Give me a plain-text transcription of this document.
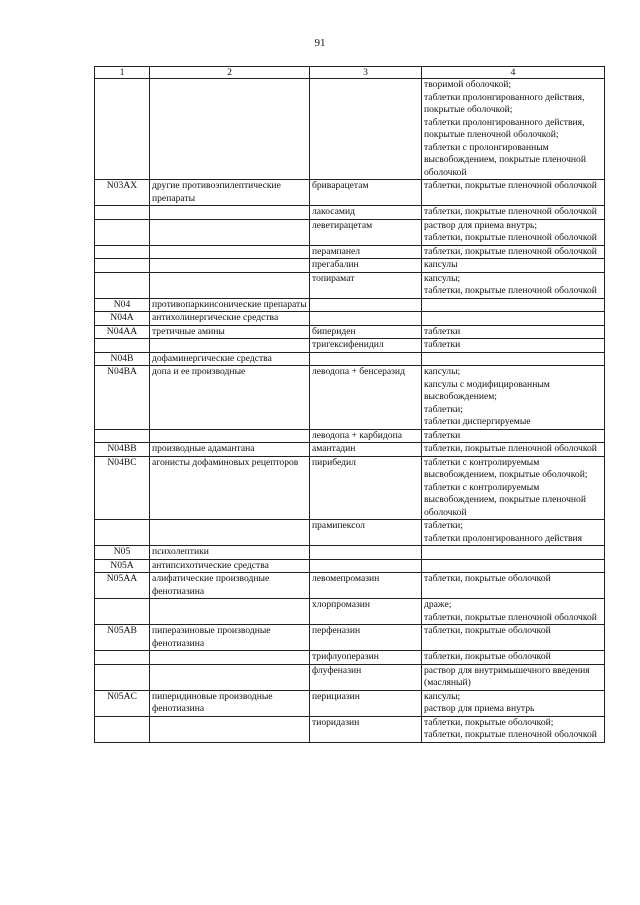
91
1	2	3	4
			творимой оболочкой;
таблетки пролонгированного действия, покрытые оболочкой;
таблетки пролонгированного действия, покрытые пленочной оболочкой;
таблетки с пролонгированным высвобождением, покрытые пленочной оболочкой
N03AX	другие противоэпилептические препараты	бриварацетам	таблетки, покрытые пленочной оболочкой
		лакосамид	таблетки, покрытые пленочной оболочкой
		леветирацетам	раствор для приема внутрь;
таблетки, покрытые пленочной оболочкой
		перампанел	таблетки, покрытые пленочной оболочкой
		прегабалин	капсулы
		топирамат	капсулы;
таблетки, покрытые пленочной оболочкой
N04	противопаркинсонические препараты		
N04A	антихолинергические средства		
N04AA	третичные амины	бипериден	таблетки
		тригексифенидил	таблетки
N04B	дофаминергические средства		
N04BA	допа и ее производные	леводопа + бенсеразид	капсулы;
капсулы с модифицированным высвобождением;
таблетки;
таблетки диспергируемые
		леводопа + карбидопа	таблетки
N04BB	производные адамантана	амантадин	таблетки, покрытые пленочной оболочкой
N04BC	агонисты дофаминовых рецепторов	пирибедил	таблетки с контролируемым высвобождением, покрытые оболочкой;
таблетки с контролируемым высвобождением, покрытые пленочной оболочкой
		прамипексол	таблетки;
таблетки пролонгированного действия
N05	психолептики		
N05A	антипсихотические средства		
N05AA	алифатические производные фенотиазина	левомепромазин	таблетки, покрытые оболочкой
		хлорпромазин	драже;
таблетки, покрытые пленочной оболочкой
N05AB	пиперазиновые производные фенотиазина	перфеназин	таблетки, покрытые оболочкой
		трифлуоперазин	таблетки, покрытые оболочкой
		флуфеназин	раствор для внутримышечного введения (масляный)
N05AC	пиперидиновые производные фенотиазина	перициазин	капсулы;
раствор для приема внутрь
		тиоридазин	таблетки, покрытые оболочкой;
таблетки, покрытые пленочной оболочкой
